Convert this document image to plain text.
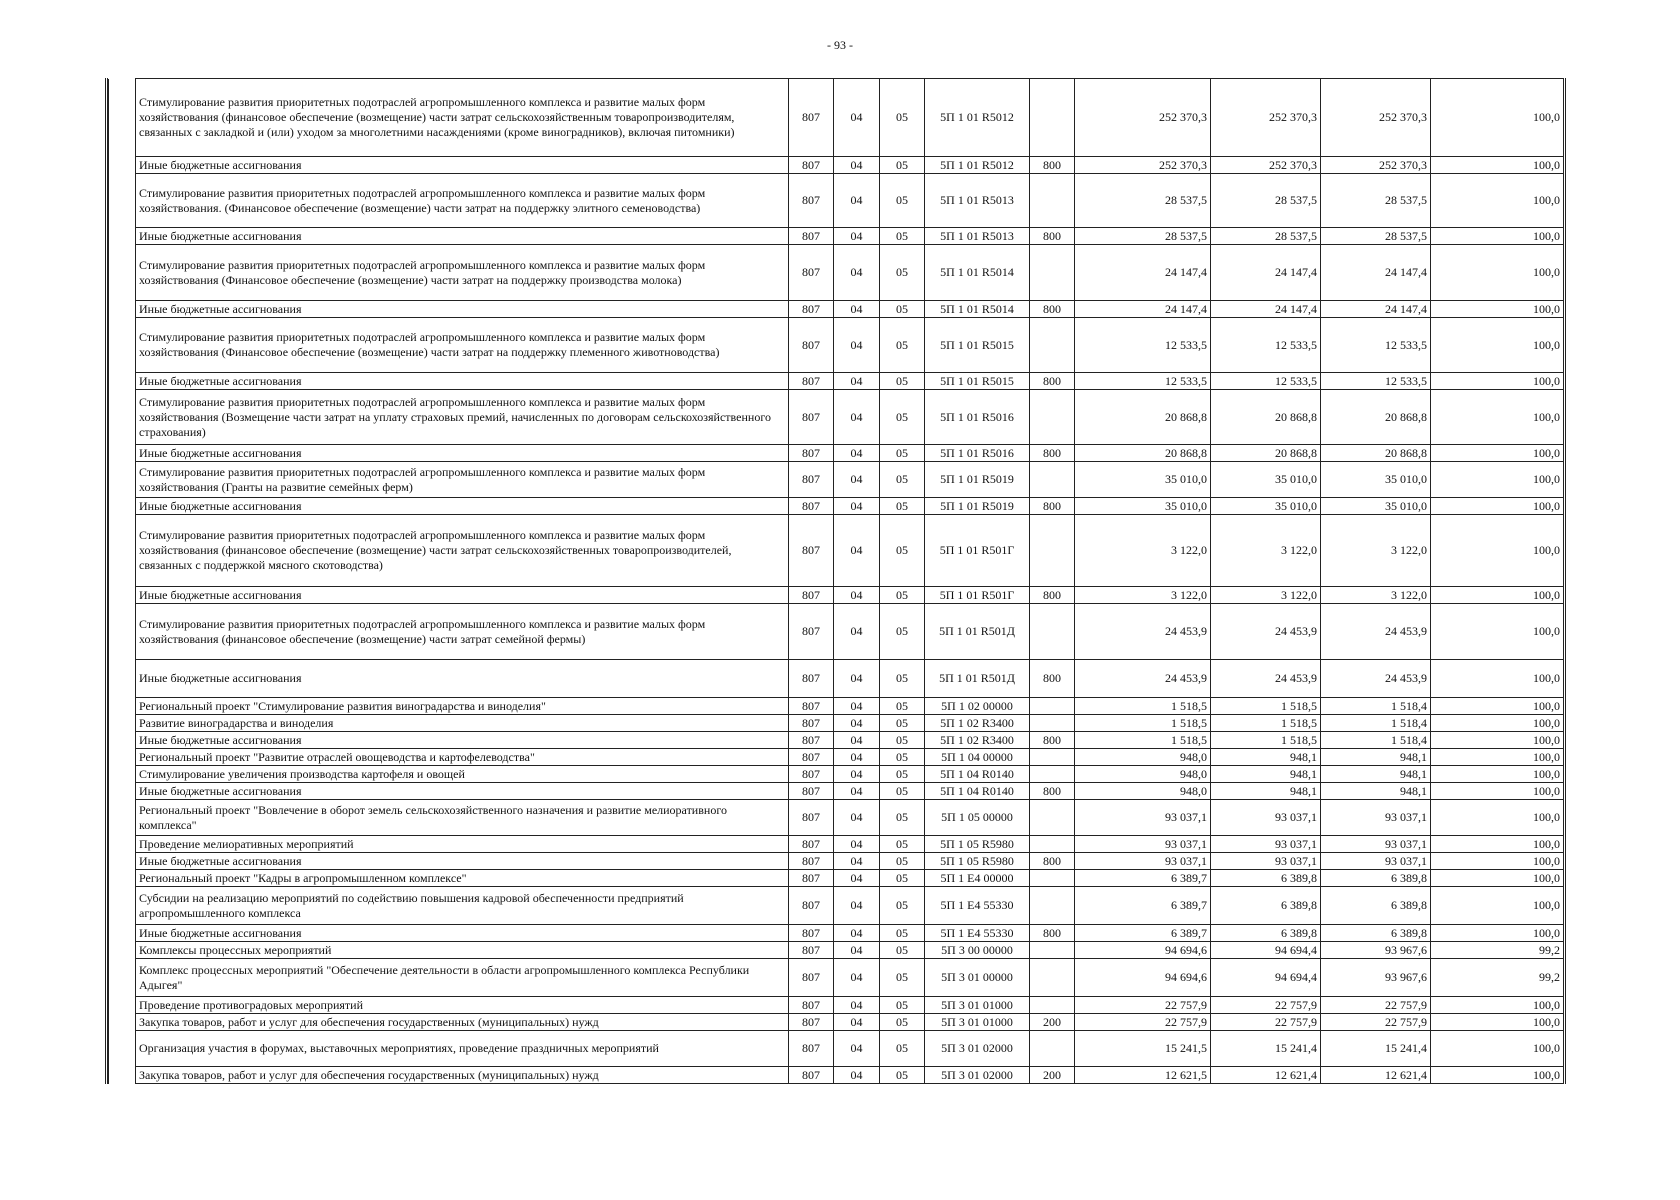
- 93 -
	Стимулирование развития приоритетных подотраслей агропромышленного комплекса и развитие малых форм хозяйствования (финансовое обеспечение (возмещение) части затрат сельскохозяйственным товаропроизводителям, связанных с закладкой и (или) уходом за многолетними насаждениями (кроме виноградников), включая питомники)	807	04	05	5П 1 01 R5012		252 370,3	252 370,3	252 370,3	100,0
	Иные бюджетные ассигнования	807	04	05	5П 1 01 R5012	800	252 370,3	252 370,3	252 370,3	100,0
	Стимулирование развития приоритетных подотраслей агропромышленного комплекса и развитие малых форм хозяйствования. (Финансовое обеспечение (возмещение) части затрат на поддержку элитного семеноводства)	807	04	05	5П 1 01 R5013		28 537,5	28 537,5	28 537,5	100,0
	Иные бюджетные ассигнования	807	04	05	5П 1 01 R5013	800	28 537,5	28 537,5	28 537,5	100,0
	Стимулирование развития приоритетных подотраслей агропромышленного комплекса и развитие малых форм хозяйствования (Финансовое обеспечение (возмещение) части затрат на поддержку производства молока)	807	04	05	5П 1 01 R5014		24 147,4	24 147,4	24 147,4	100,0
	Иные бюджетные ассигнования	807	04	05	5П 1 01 R5014	800	24 147,4	24 147,4	24 147,4	100,0
	Стимулирование развития приоритетных подотраслей агропромышленного комплекса и развитие малых форм хозяйствования (Финансовое обеспечение (возмещение) части затрат на поддержку племенного животноводства)	807	04	05	5П 1 01 R5015		12 533,5	12 533,5	12 533,5	100,0
	Иные бюджетные ассигнования	807	04	05	5П 1 01 R5015	800	12 533,5	12 533,5	12 533,5	100,0
	Стимулирование развития приоритетных подотраслей агропромышленного комплекса и развитие малых форм хозяйствования (Возмещение части затрат на уплату страховых премий, начисленных по договорам сельскохозяйственного страхования)	807	04	05	5П 1 01 R5016		20 868,8	20 868,8	20 868,8	100,0
	Иные бюджетные ассигнования	807	04	05	5П 1 01 R5016	800	20 868,8	20 868,8	20 868,8	100,0
	Стимулирование развития приоритетных подотраслей агропромышленного комплекса и развитие малых форм хозяйствования (Гранты на развитие семейных ферм)	807	04	05	5П 1 01 R5019		35 010,0	35 010,0	35 010,0	100,0
	Иные бюджетные ассигнования	807	04	05	5П 1 01 R5019	800	35 010,0	35 010,0	35 010,0	100,0
	Стимулирование развития приоритетных подотраслей агропромышленного комплекса и развитие малых форм хозяйствования (финансовое обеспечение (возмещение) части затрат сельскохозяйственных товаропроизводителей, связанных с поддержкой мясного скотоводства)	807	04	05	5П 1 01 R501Г		3 122,0	3 122,0	3 122,0	100,0
	Иные бюджетные ассигнования	807	04	05	5П 1 01 R501Г	800	3 122,0	3 122,0	3 122,0	100,0
	Стимулирование развития приоритетных подотраслей агропромышленного комплекса и развитие малых форм хозяйствования (финансовое обеспечение (возмещение) части затрат семейной фермы)	807	04	05	5П 1 01 R501Д		24 453,9	24 453,9	24 453,9	100,0
	Иные бюджетные ассигнования	807	04	05	5П 1 01 R501Д	800	24 453,9	24 453,9	24 453,9	100,0
	Региональный проект "Стимулирование развития виноградарства и виноделия"	807	04	05	5П 1 02 00000		1 518,5	1 518,5	1 518,4	100,0
	Развитие виноградарства и виноделия	807	04	05	5П 1 02 R3400		1 518,5	1 518,5	1 518,4	100,0
	Иные бюджетные ассигнования	807	04	05	5П 1 02 R3400	800	1 518,5	1 518,5	1 518,4	100,0
	Региональный проект "Развитие отраслей овощеводства и картофелеводства"	807	04	05	5П 1 04 00000		948,0	948,1	948,1	100,0
	Стимулирование увеличения производства картофеля и овощей	807	04	05	5П 1 04 R0140		948,0	948,1	948,1	100,0
	Иные бюджетные ассигнования	807	04	05	5П 1 04 R0140	800	948,0	948,1	948,1	100,0
	Региональный проект "Вовлечение в оборот земель сельскохозяйственного назначения и развитие мелиоративного комплекса"	807	04	05	5П 1 05 00000		93 037,1	93 037,1	93 037,1	100,0
	Проведение мелиоративных мероприятий	807	04	05	5П 1 05 R5980		93 037,1	93 037,1	93 037,1	100,0
	Иные бюджетные ассигнования	807	04	05	5П 1 05 R5980	800	93 037,1	93 037,1	93 037,1	100,0
	Региональный проект "Кадры в агропромышленном комплексе"	807	04	05	5П 1 Е4 00000		6 389,7	6 389,8	6 389,8	100,0
	Субсидии на реализацию мероприятий по содействию повышения кадровой обеспеченности предприятий агропромышленного комплекса	807	04	05	5П 1 Е4 55330		6 389,7	6 389,8	6 389,8	100,0
	Иные бюджетные ассигнования	807	04	05	5П 1 Е4 55330	800	6 389,7	6 389,8	6 389,8	100,0
	Комплексы процессных мероприятий	807	04	05	5П 3 00 00000		94 694,6	94 694,4	93 967,6	99,2
	Комплекс процессных мероприятий "Обеспечение деятельности в области агропромышленного комплекса Республики Адыгея"	807	04	05	5П 3 01 00000		94 694,6	94 694,4	93 967,6	99,2
	Проведение противоградовых мероприятий	807	04	05	5П 3 01 01000		22 757,9	22 757,9	22 757,9	100,0
	Закупка товаров, работ и услуг для обеспечения государственных (муниципальных) нужд	807	04	05	5П 3 01 01000	200	22 757,9	22 757,9	22 757,9	100,0
	Организация участия в форумах, выставочных мероприятиях, проведение праздничных мероприятий	807	04	05	5П 3 01 02000		15 241,5	15 241,4	15 241,4	100,0
	Закупка товаров, работ и услуг для обеспечения государственных (муниципальных) нужд	807	04	05	5П 3 01 02000	200	12 621,5	12 621,4	12 621,4	100,0
